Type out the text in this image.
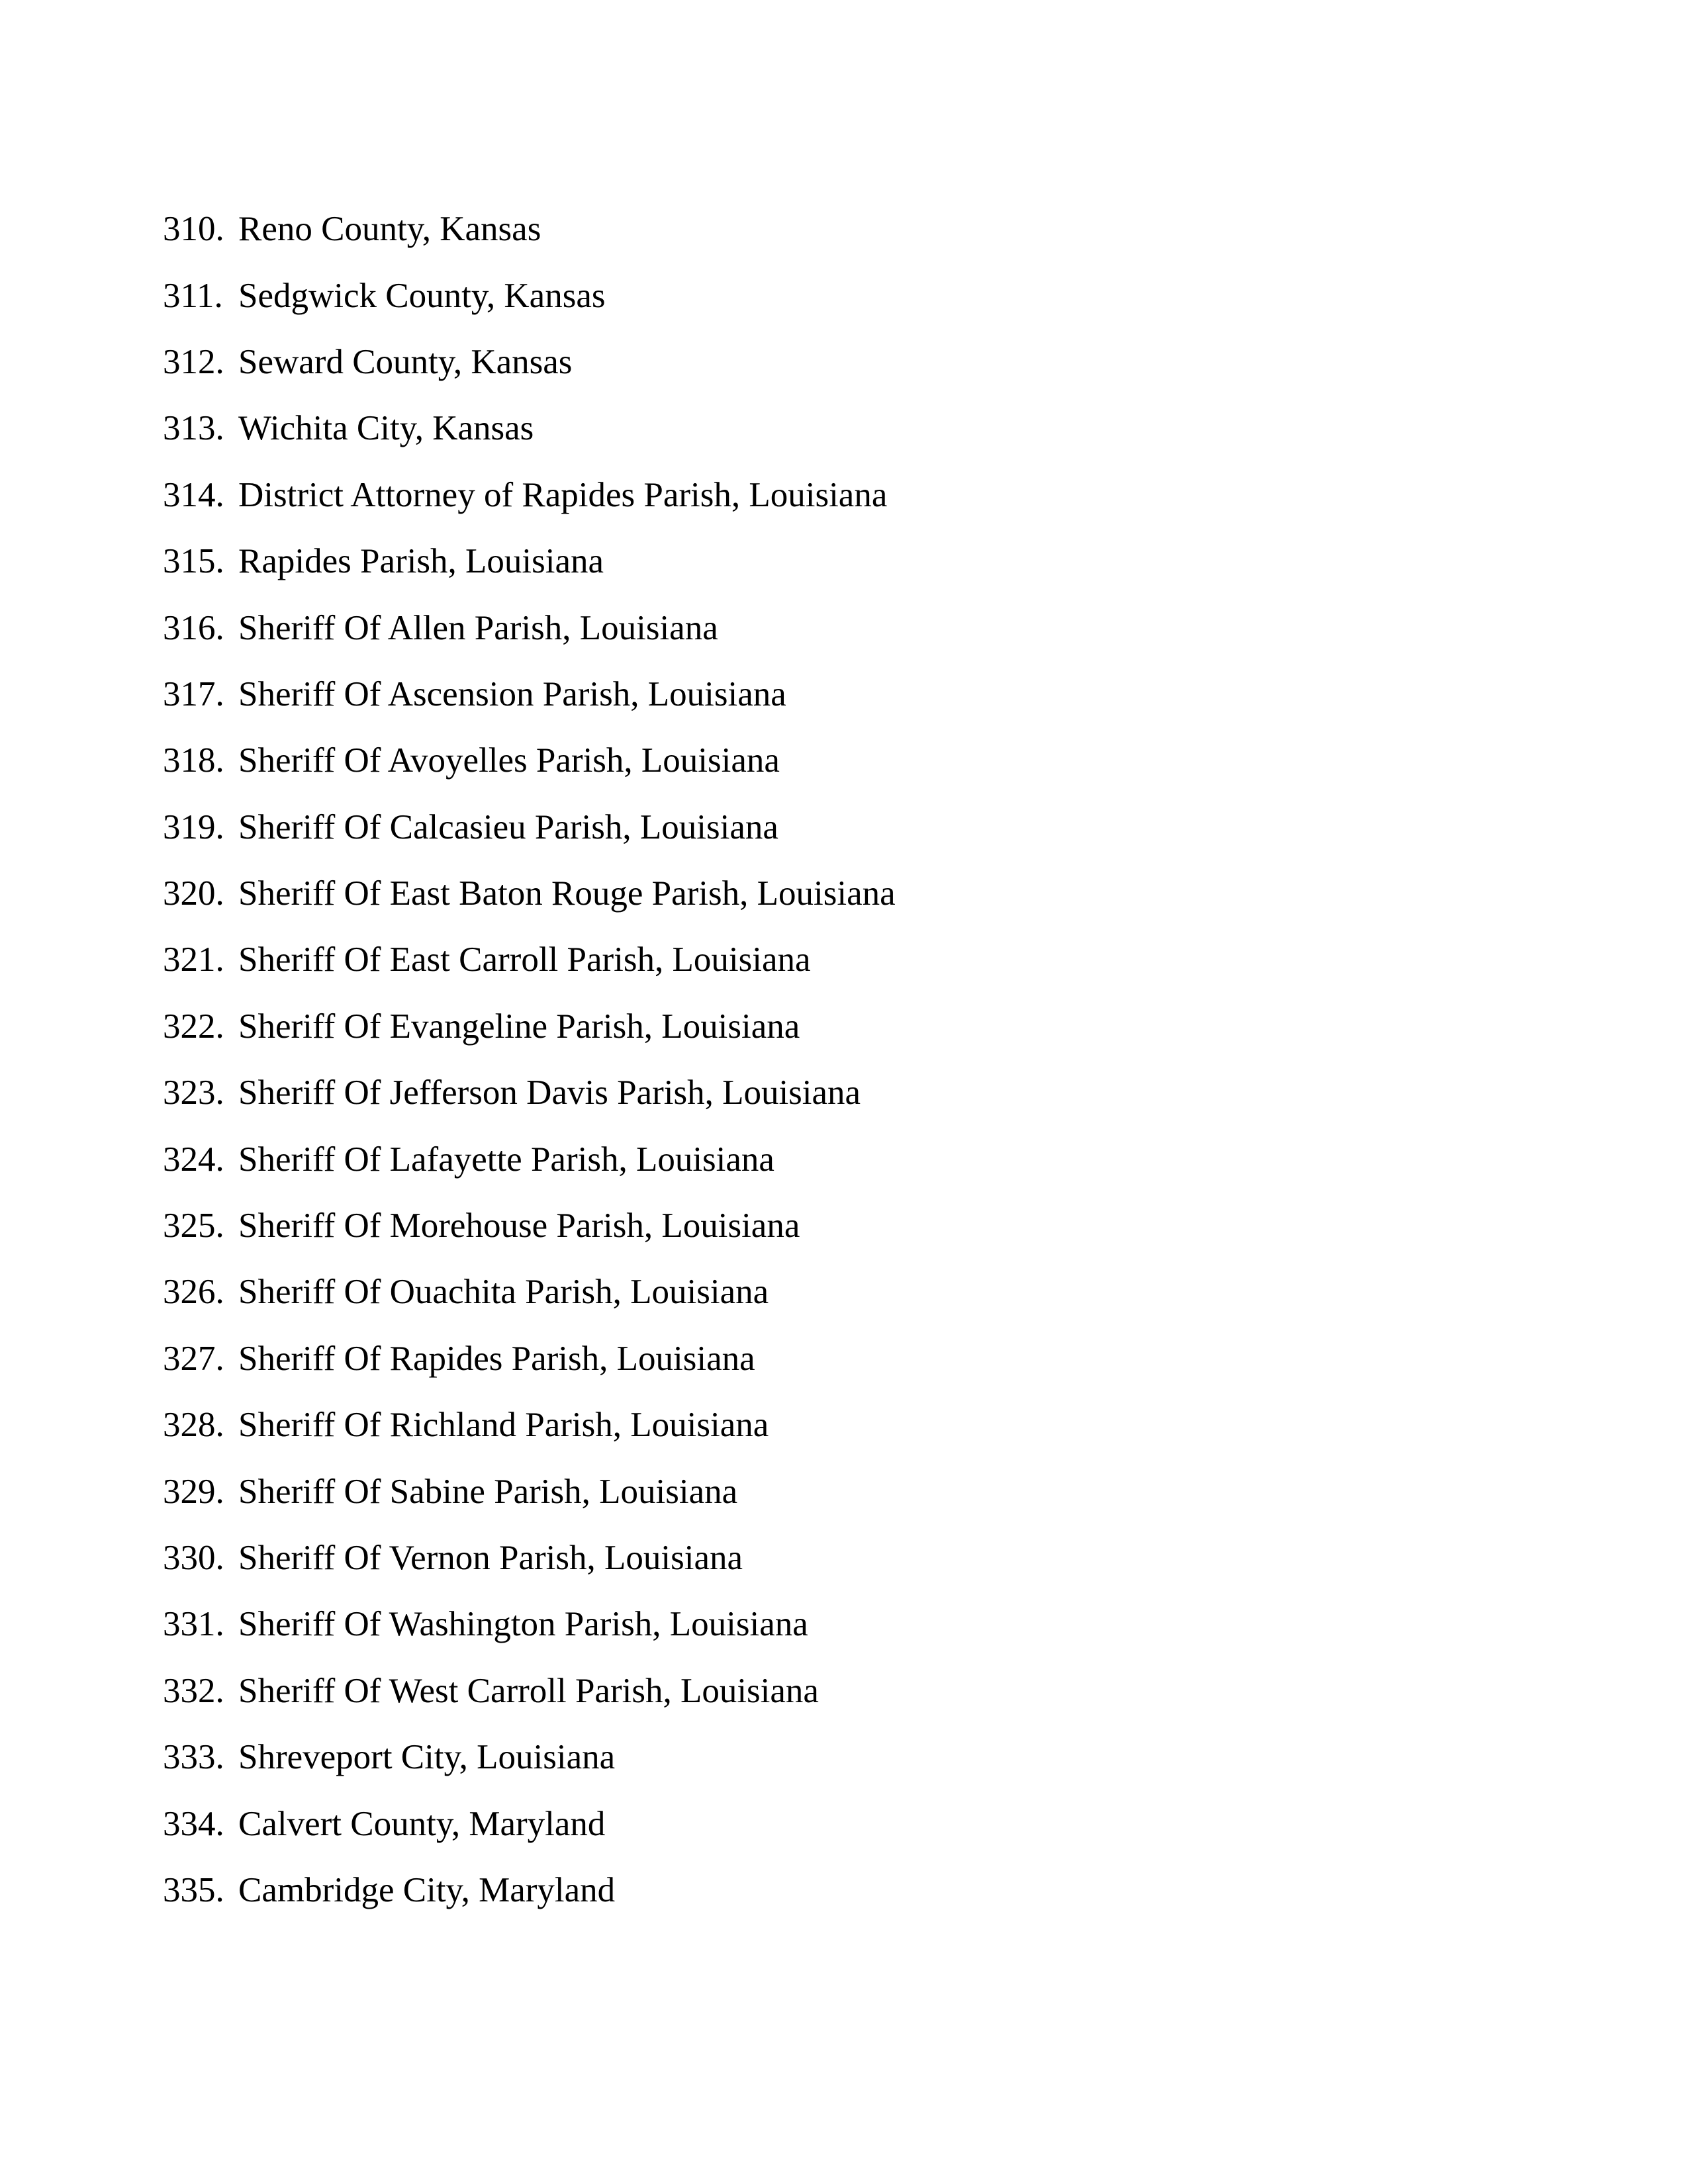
310. Reno County, Kansas
311. Sedgwick County, Kansas
312. Seward County, Kansas
313. Wichita City, Kansas
314. District Attorney of Rapides Parish, Louisiana
315. Rapides Parish, Louisiana
316. Sheriff Of Allen Parish, Louisiana
317. Sheriff Of Ascension Parish, Louisiana
318. Sheriff Of Avoyelles Parish, Louisiana
319. Sheriff Of Calcasieu Parish, Louisiana
320. Sheriff Of East Baton Rouge Parish, Louisiana
321. Sheriff Of East Carroll Parish, Louisiana
322. Sheriff Of Evangeline Parish, Louisiana
323. Sheriff Of Jefferson Davis Parish, Louisiana
324. Sheriff Of Lafayette Parish, Louisiana
325. Sheriff Of Morehouse Parish, Louisiana
326. Sheriff Of Ouachita Parish, Louisiana
327. Sheriff Of Rapides Parish, Louisiana
328. Sheriff Of Richland Parish, Louisiana
329. Sheriff Of Sabine Parish, Louisiana
330. Sheriff Of Vernon Parish, Louisiana
331. Sheriff Of Washington Parish, Louisiana
332. Sheriff Of West Carroll Parish, Louisiana
333. Shreveport City, Louisiana
334. Calvert County, Maryland
335. Cambridge City, Maryland
